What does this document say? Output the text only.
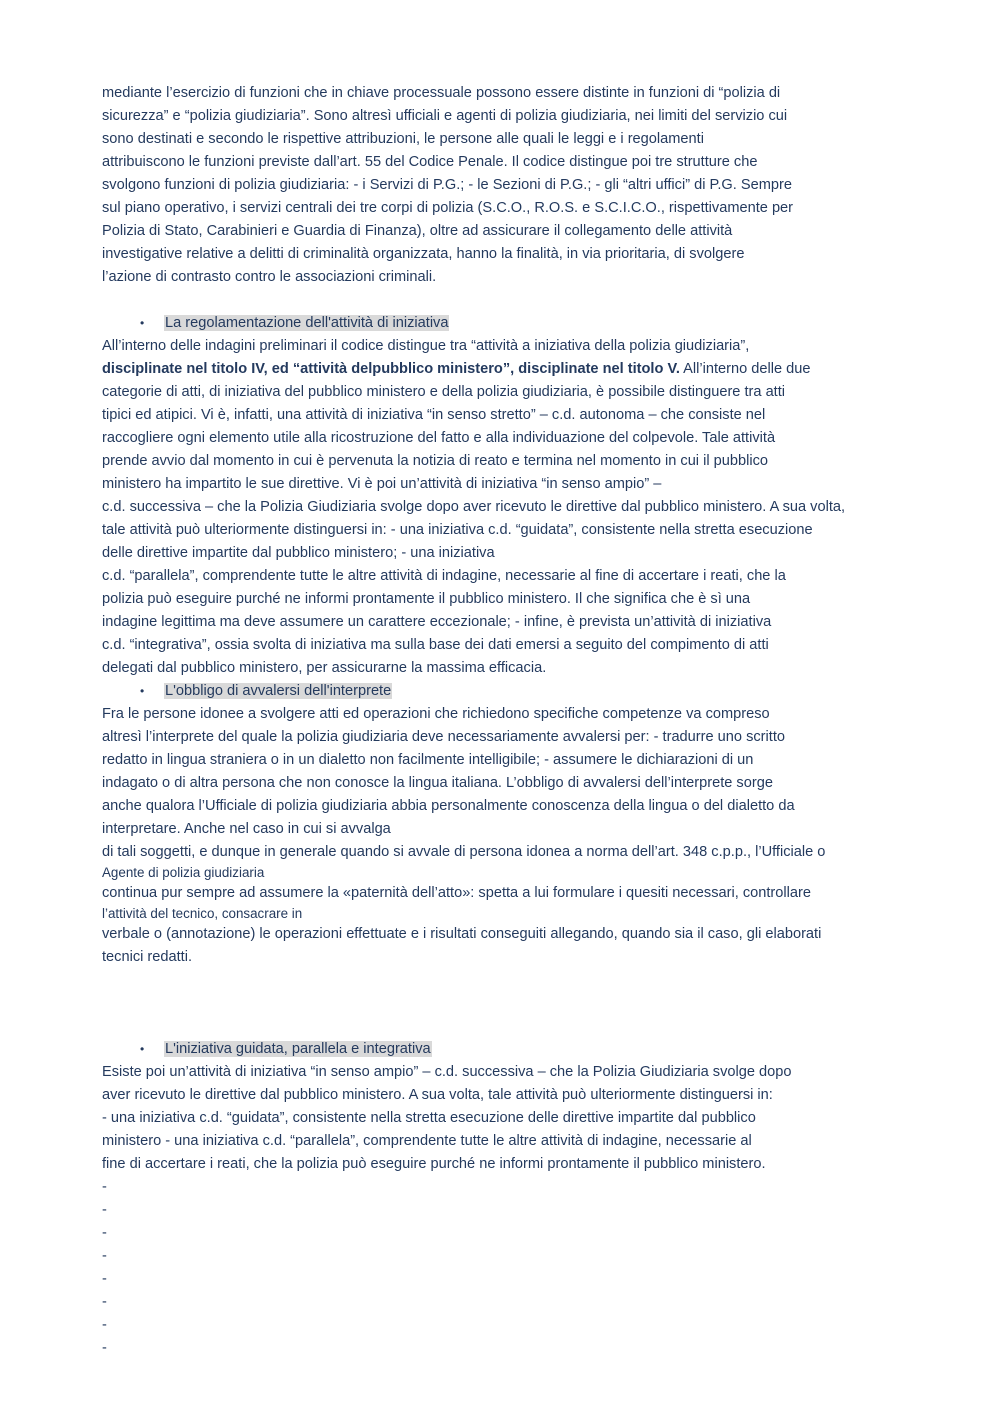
mediante l’esercizio di funzioni che in chiave processuale possono essere distinte in funzioni di “polizia di
sicurezza” e “polizia giudiziaria”. Sono altresì ufficiali e agenti di polizia giudiziaria, nei limiti del servizio cui
sono destinati e secondo le rispettive attribuzioni, le persone alle quali le leggi e i regolamenti
attribuiscono le funzioni previste dall’art. 55 del Codice Penale. Il codice distingue poi tre strutture che
svolgono funzioni di polizia giudiziaria: - i Servizi di P.G.; - le Sezioni di P.G.; - gli “altri uffici” di P.G. Sempre
sul piano operativo, i servizi centrali dei tre corpi di polizia (S.C.O., R.O.S. e S.C.I.C.O., rispettivamente per
Polizia di Stato, Carabinieri e Guardia di Finanza), oltre ad assicurare il collegamento delle attività
investigative relative a delitti di criminalità organizzata, hanno la finalità, in via prioritaria, di svolgere
l’azione di contrasto contro le associazioni criminali.
• La regolamentazione dell'attività di iniziativa
All’interno delle indagini preliminari il codice distingue tra “attività a iniziativa della polizia giudiziaria”,
disciplinate nel titolo IV, ed “attività delpubblico ministero”, disciplinate nel titolo V. All’interno delle due
categorie di atti, di iniziativa del pubblico ministero e della polizia giudiziaria, è possibile distinguere tra atti
tipici ed atipici. Vi è, infatti, una attività di iniziativa “in senso stretto” – c.d. autonoma – che consiste nel
raccogliere ogni elemento utile alla ricostruzione del fatto e alla individuazione del colpevole. Tale attività
prende avvio dal momento in cui è pervenuta la notizia di reato e termina nel momento in cui il pubblico
ministero ha impartito le sue direttive. Vi è poi un’attività di iniziativa “in senso ampio” –
c.d. successiva – che la Polizia Giudiziaria svolge dopo aver ricevuto le direttive dal pubblico ministero. A sua volta,
tale attività può ulteriormente distinguersi in: - una iniziativa c.d. “guidata”, consistente nella stretta esecuzione
delle direttive impartite dal pubblico ministero; - una iniziativa
c.d. “parallela”, comprendente tutte le altre attività di indagine, necessarie al fine di accertare i reati, che la
polizia può eseguire purché ne informi prontamente il pubblico ministero. Il che significa che è sì una
indagine legittima ma deve assumere un carattere eccezionale; - infine, è prevista un’attività di iniziativa
c.d. “integrativa”, ossia svolta di iniziativa ma sulla base dei dati emersi a seguito del compimento di atti
delegati dal pubblico ministero, per assicurarne la massima efficacia.
• L'obbligo di avvalersi dell'interprete
Fra le persone idonee a svolgere atti ed operazioni che richiedono specifiche competenze va compreso
altresì l’interprete del quale la polizia giudiziaria deve necessariamente avvalersi per: - tradurre uno scritto
redatto in lingua straniera o in un dialetto non facilmente intelligibile; - assumere le dichiarazioni di un
indagato o di altra persona che non conosce la lingua italiana. L’obbligo di avvalersi dell’interprete sorge
anche qualora l’Ufficiale di polizia giudiziaria abbia personalmente conoscenza della lingua o del dialetto da
interpretare. Anche nel caso in cui si avvalga
di tali soggetti, e dunque in generale quando si avvale di persona idonea a norma dell’art. 348 c.p.p., l’Ufficiale o
Agente di polizia giudiziaria
continua pur sempre ad assumere la «paternità dell’atto»: spetta a lui formulare i quesiti necessari, controllare
l’attività del tecnico, consacrare in
verbale o (annotazione) le operazioni effettuate e i risultati conseguiti allegando, quando sia il caso, gli elaborati
tecnici redatti.
• L'iniziativa guidata, parallela e integrativa
Esiste poi un’attività di iniziativa “in senso ampio” – c.d. successiva – che la Polizia Giudiziaria svolge dopo
aver ricevuto le direttive dal pubblico ministero. A sua volta, tale attività può ulteriormente distinguersi in:
- una iniziativa c.d. “guidata”, consistente nella stretta esecuzione delle direttive impartite dal pubblico
ministero - una iniziativa c.d. “parallela”, comprendente tutte le altre attività di indagine, necessarie al
fine di accertare i reati, che la polizia può eseguire purché ne informi prontamente il pubblico ministero.
-
-
-
-
-
-
-
-
